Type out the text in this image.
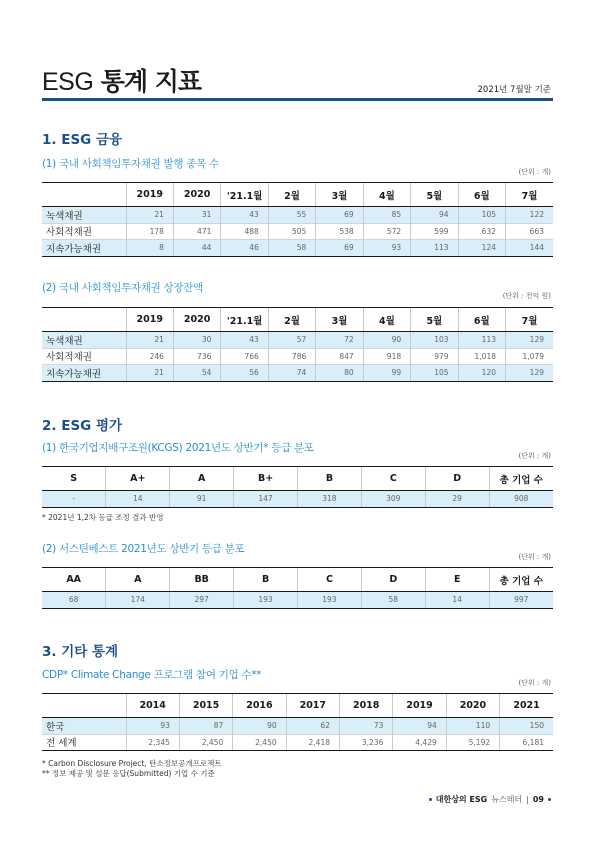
ESG 통계 지표	2021년 7월말 기준
1. ESG 금융
(1) 국내 사회책임투자채권 발행 종목 수
(단위 : 개)
	2019	2020	'21.1월	2월	3월	4월	5월	6월	7월
녹색채권	21	31	43	55	69	85	94	105	122
사회적채권	178	471	488	505	538	572	599	632	663
지속가능채권	8	44	46	58	69	93	113	124	144
(2) 국내 사회책임투자채권 상장잔액
(단위 : 천억 원)
	2019	2020	'21.1월	2월	3월	4월	5월	6월	7월
녹색채권	21	30	43	57	72	90	103	113	129
사회적채권	246	736	766	786	847	918	979	1,018	1,079
지속가능채권	21	54	56	74	80	99	105	120	129
2. ESG 평가
(1) 한국기업지배구조원(KCGS) 2021년도 상반기* 등급 분포
(단위 : 개)
S	A+	A	B+	B	C	D	총 기업 수
-	14	91	147	318	309	29	908
* 2021년 1,2차 등급 조정 결과 반영
(2) 서스틴베스트 2021년도 상반기 등급 분포
(단위 : 개)
AA	A	BB	B	C	D	E	총 기업 수
68	174	297	193	193	58	14	997
3. 기타 통계
CDP* Climate Change 프로그램 참여 기업 수**
(단위 : 개)
	2014	2015	2016	2017	2018	2019	2020	2021
한국	93	87	90	62	73	94	110	150
전 세계	2,345	2,450	2,450	2,418	3,236	4,429	5,192	6,181
* Carbon Disclosure Project, 탄소정보공개프로젝트
** 정보 제공 및 설문 응답(Submitted) 기업 수 기준
대한상의 ESG 뉴스레터 | 09
